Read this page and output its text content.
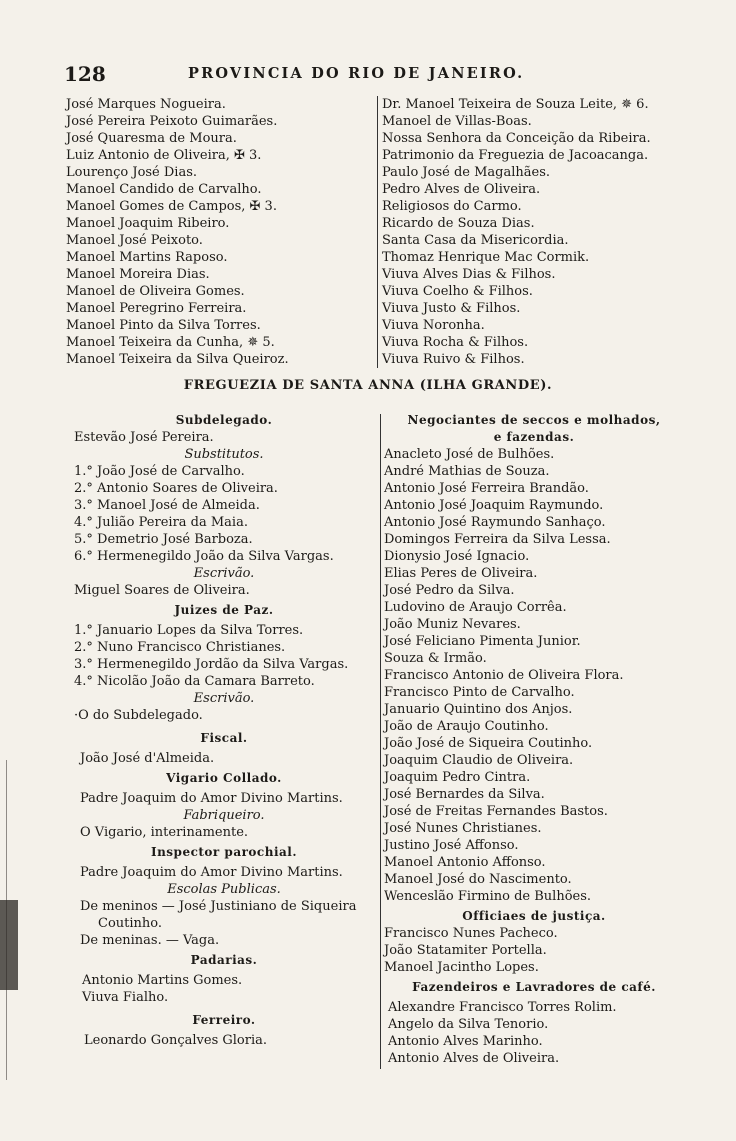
128	PROVINCIA DO RIO DE JANEIRO.
José Marques Nogueira.
José Pereira Peixoto Guimarães.
José Quaresma de Moura.
Luiz Antonio de Oliveira, ✠ 3.
Lourenço José Dias.
Manoel Candido de Carvalho.
Manoel Gomes de Campos, ✠ 3.
Manoel Joaquim Ribeiro.
Manoel José Peixoto.
Manoel Martins Raposo.
Manoel Moreira Dias.
Manoel de Oliveira Gomes.
Manoel Peregrino Ferreira.
Manoel Pinto da Silva Torres.
Manoel Teixeira da Cunha, ✵ 5.
Manoel Teixeira da Silva Queiroz.
Dr. Manoel Teixeira de Souza Leite, ✵ 6.
Manoel de Villas-Boas.
Nossa Senhora da Conceição da Ribeira.
Patrimonio da Freguezia de Jacoacanga.
Paulo José de Magalhães.
Pedro Alves de Oliveira.
Religiosos do Carmo.
Ricardo de Souza Dias.
Santa Casa da Misericordia.
Thomaz Henrique Mac Cormik.
Viuva Alves Dias & Filhos.
Viuva Coelho & Filhos.
Viuva Justo & Filhos.
Viuva Noronha.
Viuva Rocha & Filhos.
Viuva Ruivo & Filhos.
FREGUEZIA DE SANTA ANNA (ILHA GRANDE).
Subdelegado.
Estevão José Pereira.
Substitutos.
1.° João José de Carvalho.
2.° Antonio Soares de Oliveira.
3.° Manoel José de Almeida.
4.° Julião Pereira da Maia.
5.° Demetrio José Barboza.
6.° Hermenegildo João da Silva Vargas.
Escrivão.
Miguel Soares de Oliveira.
Juizes de Paz.
1.° Januario Lopes da Silva Torres.
2.° Nuno Francisco Christianes.
3.° Hermenegildo Jordão da Silva Vargas.
4.° Nicolão João da Camara Barreto.
Escrivão.
·O do Subdelegado.
Fiscal.
João José d'Almeida.
Vigario Collado.
Padre Joaquim do Amor Divino Martins.
Fabriqueiro.
O Vigario, interinamente.
Inspector parochial.
Padre Joaquim do Amor Divino Martins.
Escolas Publicas.
De meninos — José Justiniano de Siqueira
Coutinho.
De meninas. — Vaga.
Padarias.
Antonio Martins Gomes.
Viuva Fialho.
Ferreiro.
Leonardo Gonçalves Gloria.
Negociantes de seccos e molhados,
e fazendas.
Anacleto José de Bulhões.
André Mathias de Souza.
Antonio José Ferreira Brandão.
Antonio José Joaquim Raymundo.
Antonio José Raymundo Sanhaço.
Domingos Ferreira da Silva Lessa.
Dionysio José Ignacio.
Elias Peres de Oliveira.
José Pedro da Silva.
Ludovino de Araujo Corrêa.
João Muniz Nevares.
José Feliciano Pimenta Junior.
Souza & Irmão.
Francisco Antonio de Oliveira Flora.
Francisco Pinto de Carvalho.
Januario Quintino dos Anjos.
João de Araujo Coutinho.
João José de Siqueira Coutinho.
Joaquim Claudio de Oliveira.
Joaquim Pedro Cintra.
José Bernardes da Silva.
José de Freitas Fernandes Bastos.
José Nunes Christianes.
Justino José Affonso.
Manoel Antonio Affonso.
Manoel José do Nascimento.
Wenceslão Firmino de Bulhões.
Officiaes de justiça.
Francisco Nunes Pacheco.
João Statamiter Portella.
Manoel Jacintho Lopes.
Fazendeiros e Lavradores de café.
Alexandre Francisco Torres Rolim.
Angelo da Silva Tenorio.
Antonio Alves Marinho.
Antonio Alves de Oliveira.
